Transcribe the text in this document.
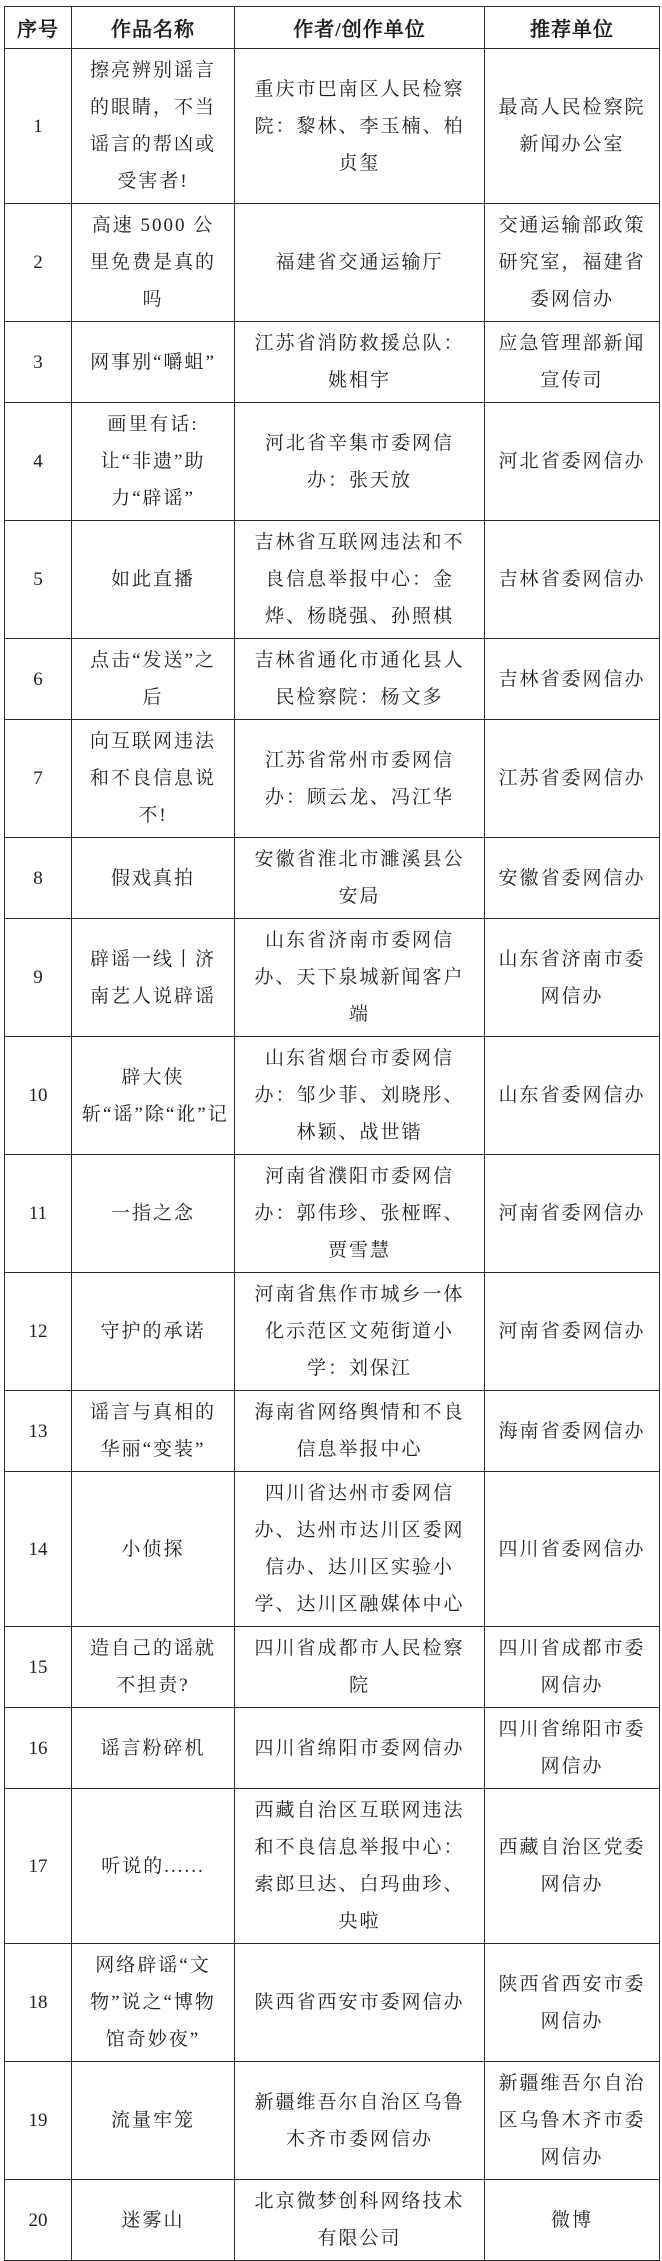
序号	作品名称	作者/创作单位	推荐单位
1	擦亮辨别谣言的眼睛，不当谣言的帮凶或受害者!	重庆市巴南区人民检察院：黎林、李玉楠、柏贞玺	最高人民检察院新闻办公室
2	高速 5000 公里免费是真的吗	福建省交通运输厅	交通运输部政策研究室，福建省委网信办
3	网事别“嚼蛆”	江苏省消防救援总队：姚相宇	应急管理部新闻宣传司
4	画里有话:让“非遗”助力“辟谣”	河北省辛集市委网信办：张天放	河北省委网信办
5	如此直播	吉林省互联网违法和不良信息举报中心：金烨、杨晓强、孙照棋	吉林省委网信办
6	点击“发送”之后	吉林省通化市通化县人民检察院：杨文多	吉林省委网信办
7	向互联网违法和不良信息说不!	江苏省常州市委网信办：顾云龙、冯江华	江苏省委网信办
8	假戏真拍	安徽省淮北市濉溪县公安局	安徽省委网信办
9	辟谣一线丨济南艺人说辟谣	山东省济南市委网信办、天下泉城新闻客户端	山东省济南市委网信办
10	辟大侠斩“谣”除“讹”记	山东省烟台市委网信办：邹少菲、刘晓彤、林颖、战世锴	山东省委网信办
11	一指之念	河南省濮阳市委网信办：郭伟珍、张桠晖、贾雪慧	河南省委网信办
12	守护的承诺	河南省焦作市城乡一体化示范区文苑街道小学：刘保江	河南省委网信办
13	谣言与真相的华丽“变装”	海南省网络舆情和不良信息举报中心	海南省委网信办
14	小侦探	四川省达州市委网信办、达州市达川区委网信办、达川区实验小学、达川区融媒体中心	四川省委网信办
15	造自己的谣就不担责?	四川省成都市人民检察院	四川省成都市委网信办
16	谣言粉碎机	四川省绵阳市委网信办	四川省绵阳市委网信办
17	听说的......	西藏自治区互联网违法和不良信息举报中心：索郎旦达、白玛曲珍、央啦	西藏自治区党委网信办
18	网络辟谣“文物”说之“博物馆奇妙夜”	陕西省西安市委网信办	陕西省西安市委网信办
19	流量牢笼	新疆维吾尔自治区乌鲁木齐市委网信办	新疆维吾尔自治区乌鲁木齐市委网信办
20	迷雾山	北京微梦创科网络技术有限公司	微博
